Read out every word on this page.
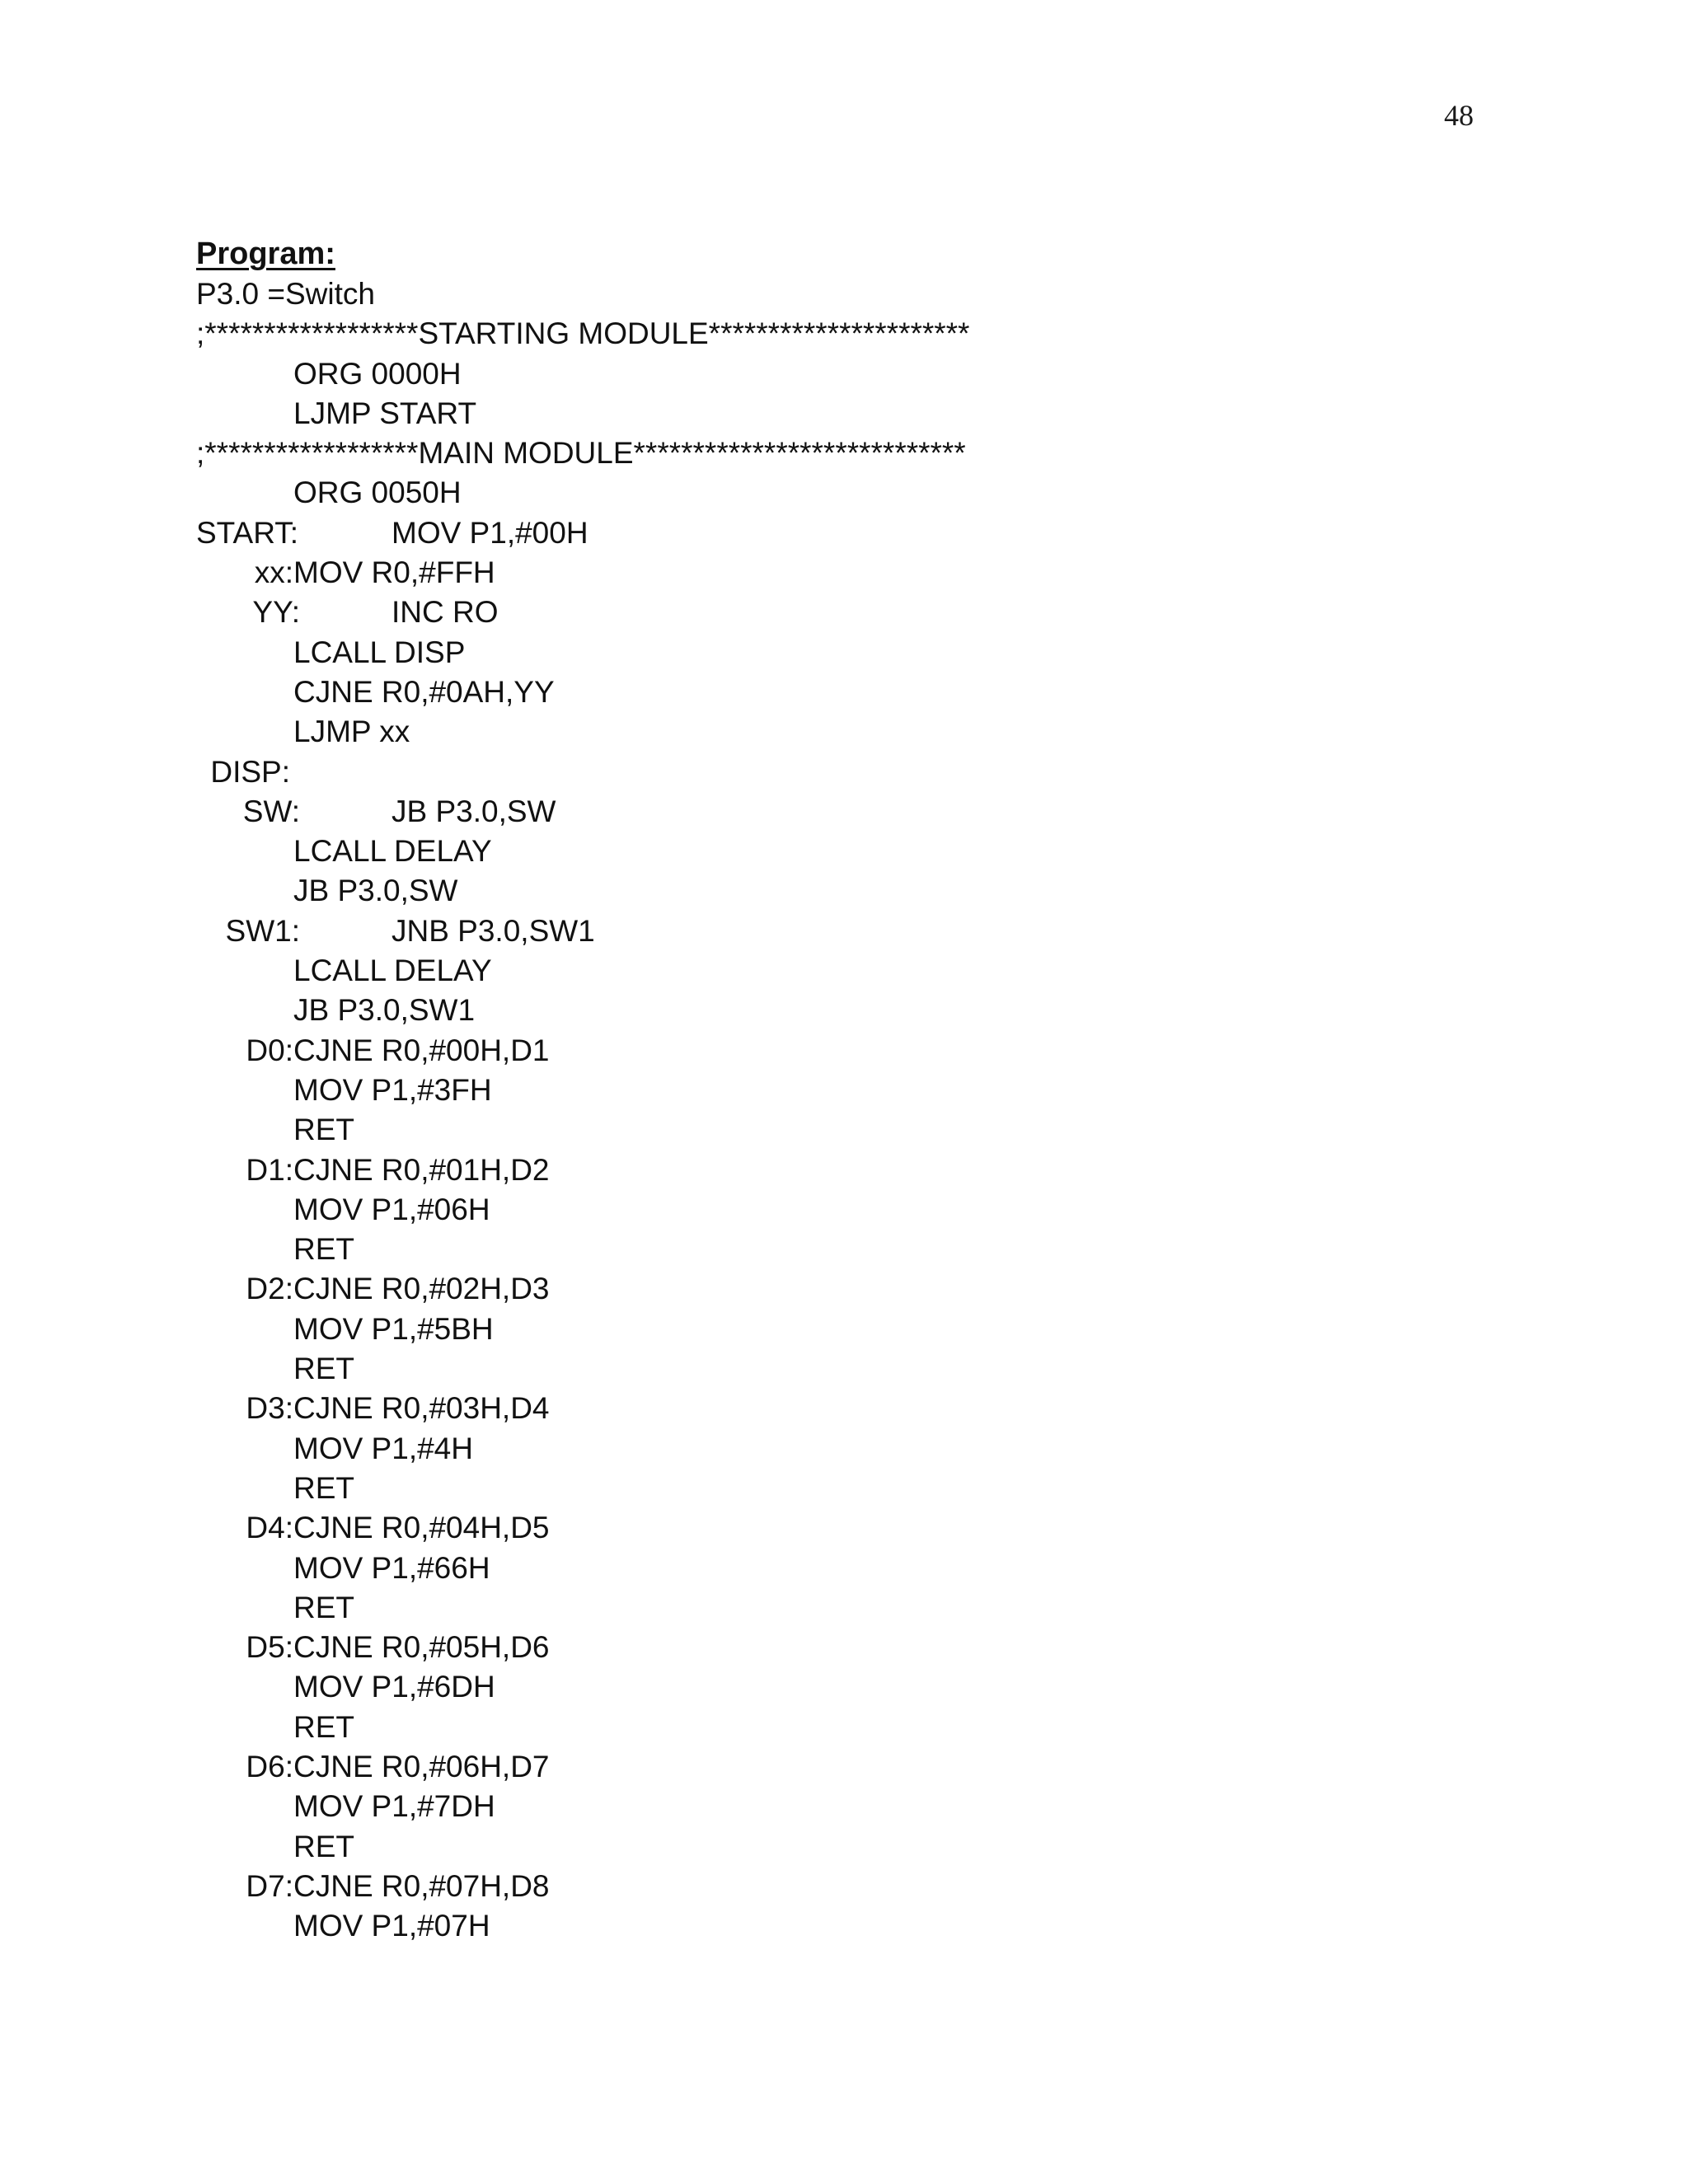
48
Program:
P3.0 =Switch
;******************STARTING MODULE**********************
ORG 0000H
LJMP START
;******************MAIN MODULE****************************
ORG 0050H
START:	MOV P1,#00H
xx: MOV R0,#FFH
YY:	INC RO
LCALL DISP
CJNE R0,#0AH,YY
LJMP xx
DISP:
SW:	JB P3.0,SW
LCALL DELAY
JB P3.0,SW
SW1:	JNB P3.0,SW1
LCALL DELAY
JB P3.0,SW1
D0: CJNE R0,#00H,D1
MOV P1,#3FH
RET
D1: CJNE R0,#01H,D2
MOV P1,#06H
RET
D2: CJNE R0,#02H,D3
MOV P1,#5BH
RET
D3: CJNE R0,#03H,D4
MOV P1,#4H
RET
D4: CJNE R0,#04H,D5
MOV P1,#66H
RET
D5: CJNE R0,#05H,D6
MOV P1,#6DH
RET
D6: CJNE R0,#06H,D7
MOV P1,#7DH
RET
D7: CJNE R0,#07H,D8
MOV P1,#07H
